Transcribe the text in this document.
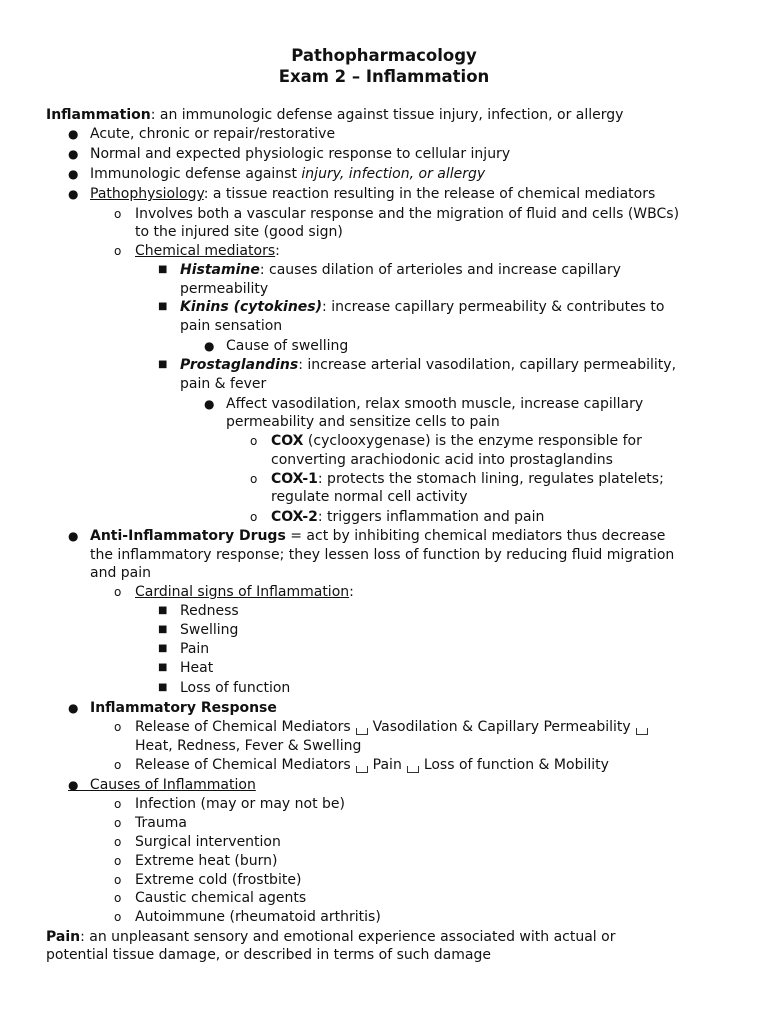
Pathopharmacology
Exam 2 – Inflammation
Inflammation: an immunologic defense against tissue injury, infection, or allergy
● Acute, chronic or repair/restorative
● Normal and expected physiologic response to cellular injury
● Immunologic defense against injury, infection, or allergy
● Pathophysiology: a tissue reaction resulting in the release of chemical mediators
o Involves both a vascular response and the migration of fluid and cells (WBCs)
to the injured site (good sign)
o Chemical mediators:
■ Histamine: causes dilation of arterioles and increase capillary
permeability
■ Kinins (cytokines): increase capillary permeability & contributes to
pain sensation
● Cause of swelling
■ Prostaglandins: increase arterial vasodilation, capillary permeability,
pain & fever
● Affect vasodilation, relax smooth muscle, increase capillary
permeability and sensitize cells to pain
o COX (cyclooxygenase) is the enzyme responsible for
converting arachiodonic acid into prostaglandins
o COX-1: protects the stomach lining, regulates platelets;
regulate normal cell activity
o COX-2: triggers inflammation and pain
● Anti-Inflammatory Drugs = act by inhibiting chemical mediators thus decrease
the inflammatory response; they lessen loss of function by reducing fluid migration
and pain
o Cardinal signs of Inflammation:
■ Redness
■ Swelling
■ Pain
■ Heat
■ Loss of function
● Inflammatory Response
o Release of Chemical Mediators Vasodilation & Capillary Permeability
Heat, Redness, Fever & Swelling
o Release of Chemical Mediators Pain Loss of function & Mobility
●   Causes of Inflammation
o Infection (may or may not be)
o Trauma
o Surgical intervention
o Extreme heat (burn)
o Extreme cold (frostbite)
o Caustic chemical agents
o Autoimmune (rheumatoid arthritis)
Pain: an unpleasant sensory and emotional experience associated with actual or
potential tissue damage, or described in terms of such damage
